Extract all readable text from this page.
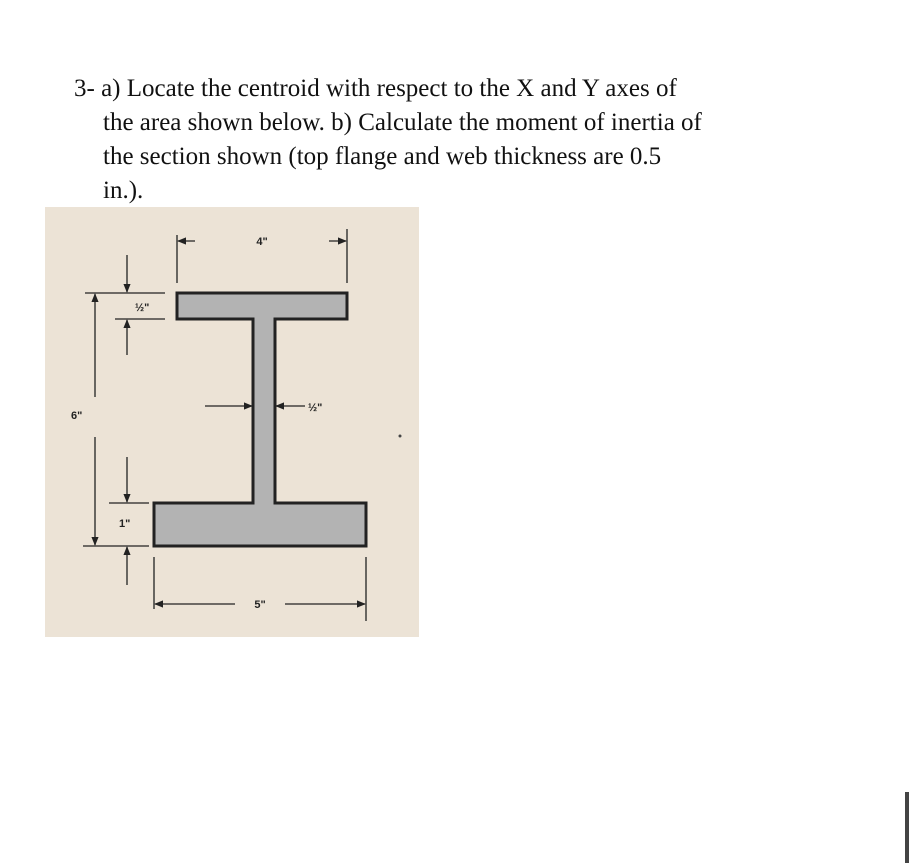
3- a) Locate the centroid with respect to the X and Y axes of
the area shown below. b) Calculate the moment of inertia of
the section shown (top flange and web thickness are 0.5
in.).
4"
5"
6"
½"
½"
1"
